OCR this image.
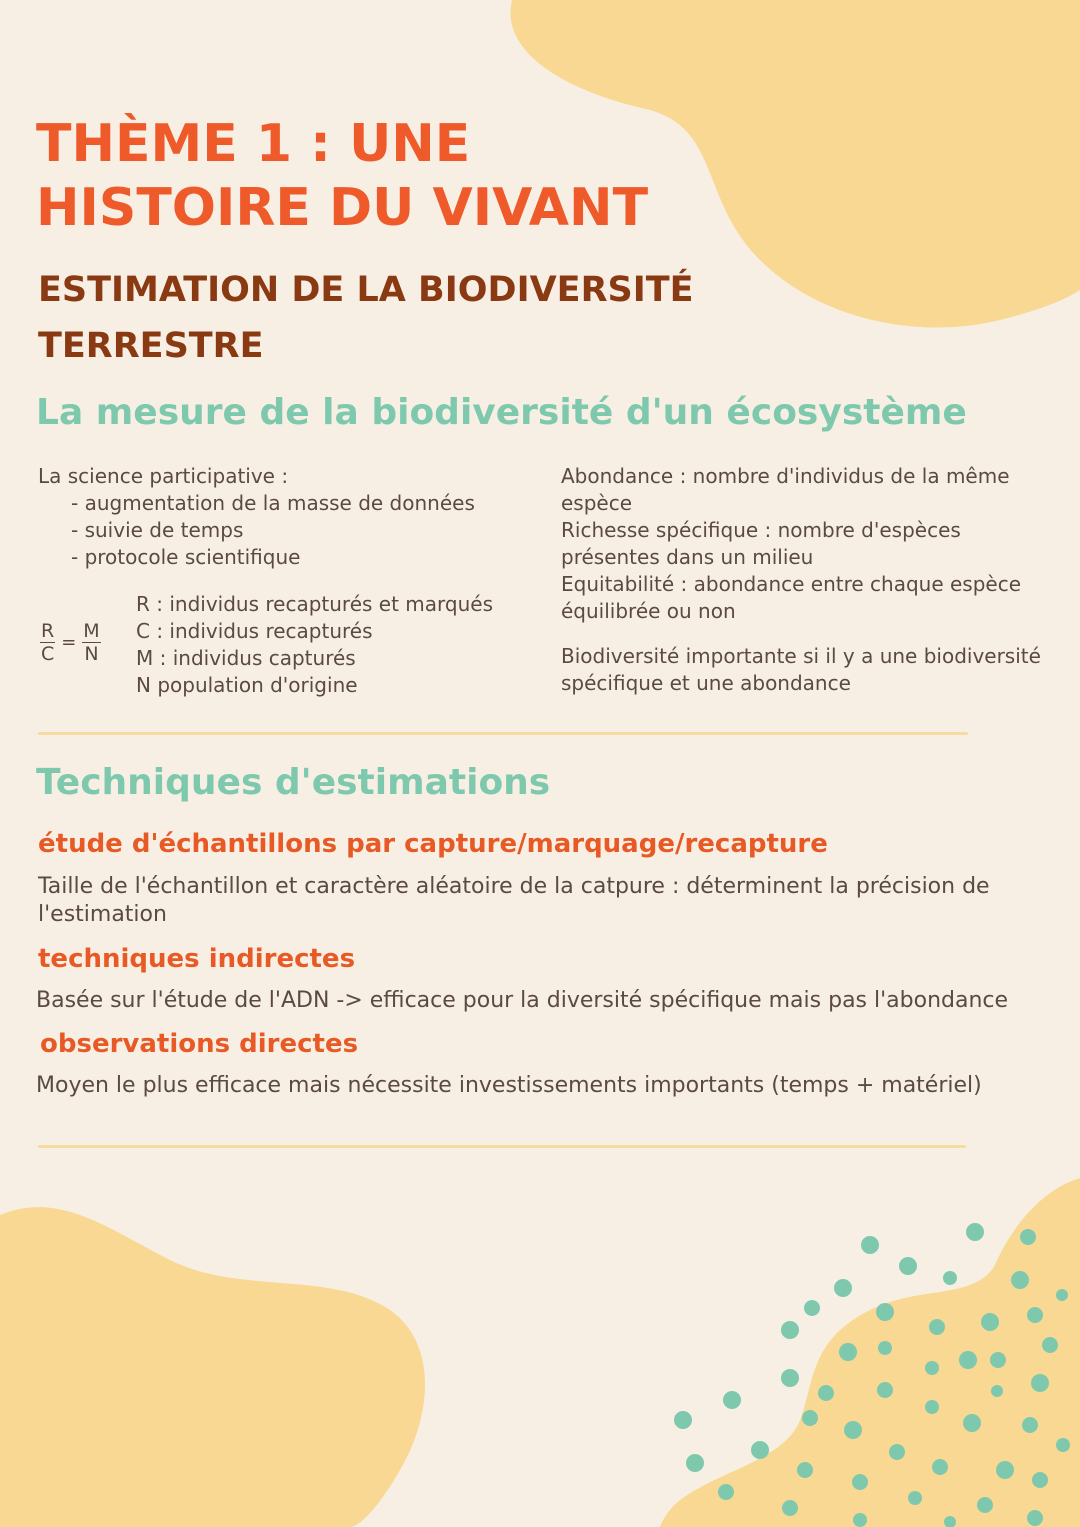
THÈME 1 : UNE
HISTOIRE DU VIVANT
ESTIMATION DE LA BIODIVERSITÉ
TERRESTRE
La mesure de la biodiversité d'un écosystème
La science participative :
- augmentation de la masse de données
- suivie de temps
- protocole scientifique
$\frac{R}{C} = \frac{M}{N}$
R : individus recapturés et marqués
C : individus recapturés
M : individus capturés
N population d'origine
Abondance : nombre d'individus de la même espèce
Richesse spécifique : nombre d'espèces présentes dans un milieu
Equitabilité : abondance entre chaque espèce équilibrée ou non
Biodiversité importante si il y a une biodiversité spécifique et une abondance
Techniques d'estimations
étude d'échantillons par capture/marquage/recapture
Taille de l'échantillon et caractère aléatoire de la catpure : déterminent la précision de l'estimation
techniques indirectes
Basée sur l'étude de l'ADN -> efficace pour la diversité spécifique mais pas l'abondance
observations directes
Moyen le plus efficace mais nécessite investissements importants (temps + matériel)
